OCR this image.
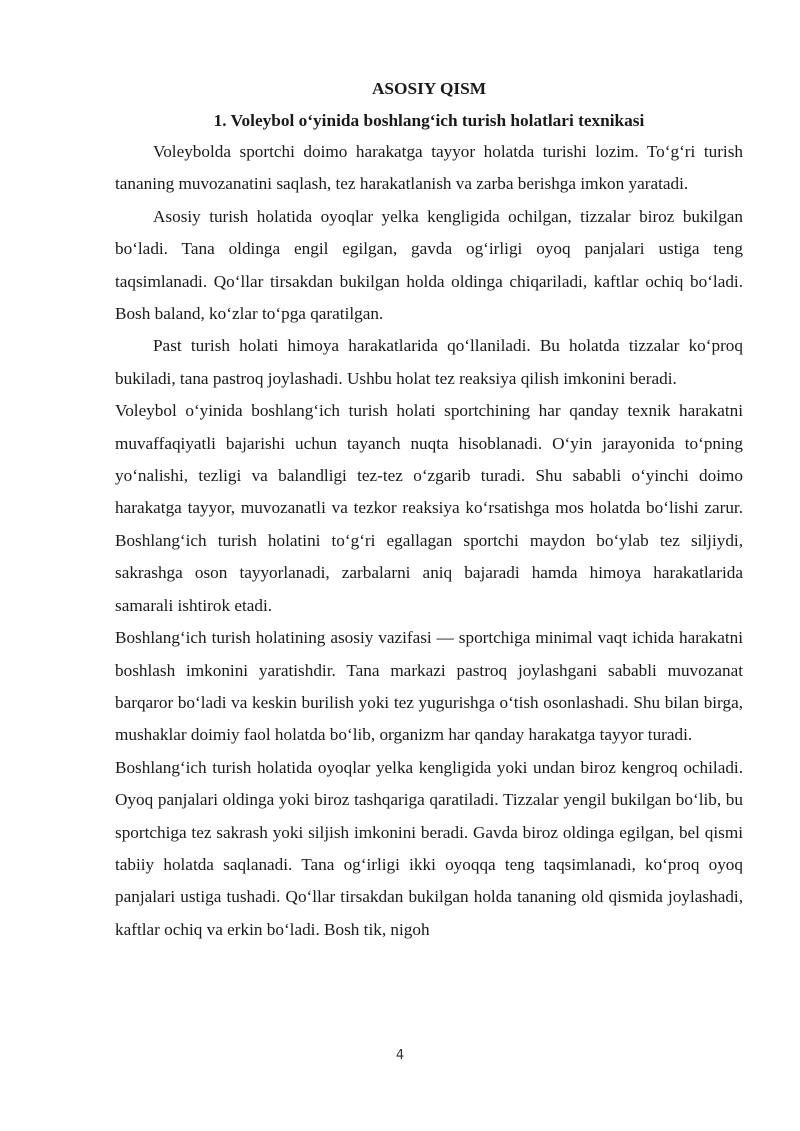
ASOSIY QISM

1. Voleybol o‘yinida boshlang‘ich turish holatlari texnikasi

Voleybolda sportchi doimo harakatga tayyor holatda turishi lozim. To‘g‘ri turish tananing muvozanatini saqlash, tez harakatlanish va zarba berishga imkon yaratadi.

Asosiy turish holatida oyoqlar yelka kengligida ochilgan, tizzalar biroz bukilgan bo‘ladi. Tana oldinga engil egilgan, gavda og‘irligi oyoq panjalari ustiga teng taqsimlanadi. Qo‘llar tirsakdan bukilgan holda oldinga chiqariladi, kaftlar ochiq bo‘ladi. Bosh baland, ko‘zlar to‘pga qaratilgan.

Past turish holati himoya harakatlarida qo‘llaniladi. Bu holatda tizzalar ko‘proq bukiladi, tana pastroq joylashadi. Ushbu holat tez reaksiya qilish imkonini beradi.

Voleybol o‘yinida boshlang‘ich turish holati sportchining har qanday texnik harakatni muvaffaqiyatli bajarishi uchun tayanch nuqta hisoblanadi. O‘yin jarayonida to‘pning yo‘nalishi, tezligi va balandligi tez-tez o‘zgarib turadi. Shu sababli o‘yinchi doimo harakatga tayyor, muvozanatli va tezkor reaksiya ko‘rsatishga mos holatda bo‘lishi zarur. Boshlang‘ich turish holatini to‘g‘ri egallagan sportchi maydon bo‘ylab tez siljiydi, sakrashga oson tayyorlanadi, zarbalarni aniq bajaradi hamda himoya harakatlarida samarali ishtirok etadi.

Boshlang‘ich turish holatining asosiy vazifasi — sportchiga minimal vaqt ichida harakatni boshlash imkonini yaratishdir. Tana markazi pastroq joylashgani sababli muvozanat barqaror bo‘ladi va keskin burilish yoki tez yugurishga o‘tish osonlashadi. Shu bilan birga, mushaklar doimiy faol holatda bo‘lib, organizm har qanday harakatga tayyor turadi.

Boshlang‘ich turish holatida oyoqlar yelka kengligida yoki undan biroz kengroq ochiladi. Oyoq panjalari oldinga yoki biroz tashqariga qaratiladi. Tizzalar yengil bukilgan bo‘lib, bu sportchiga tez sakrash yoki siljish imkonini beradi. Gavda biroz oldinga egilgan, bel qismi tabiiy holatda saqlanadi. Tana og‘irligi ikki oyoqqa teng taqsimlanadi, ko‘proq oyoq panjalari ustiga tushadi. Qo‘llar tirsakdan bukilgan holda tananing old qismida joylashadi, kaftlar ochiq va erkin bo‘ladi. Bosh tik, nigoh

4
